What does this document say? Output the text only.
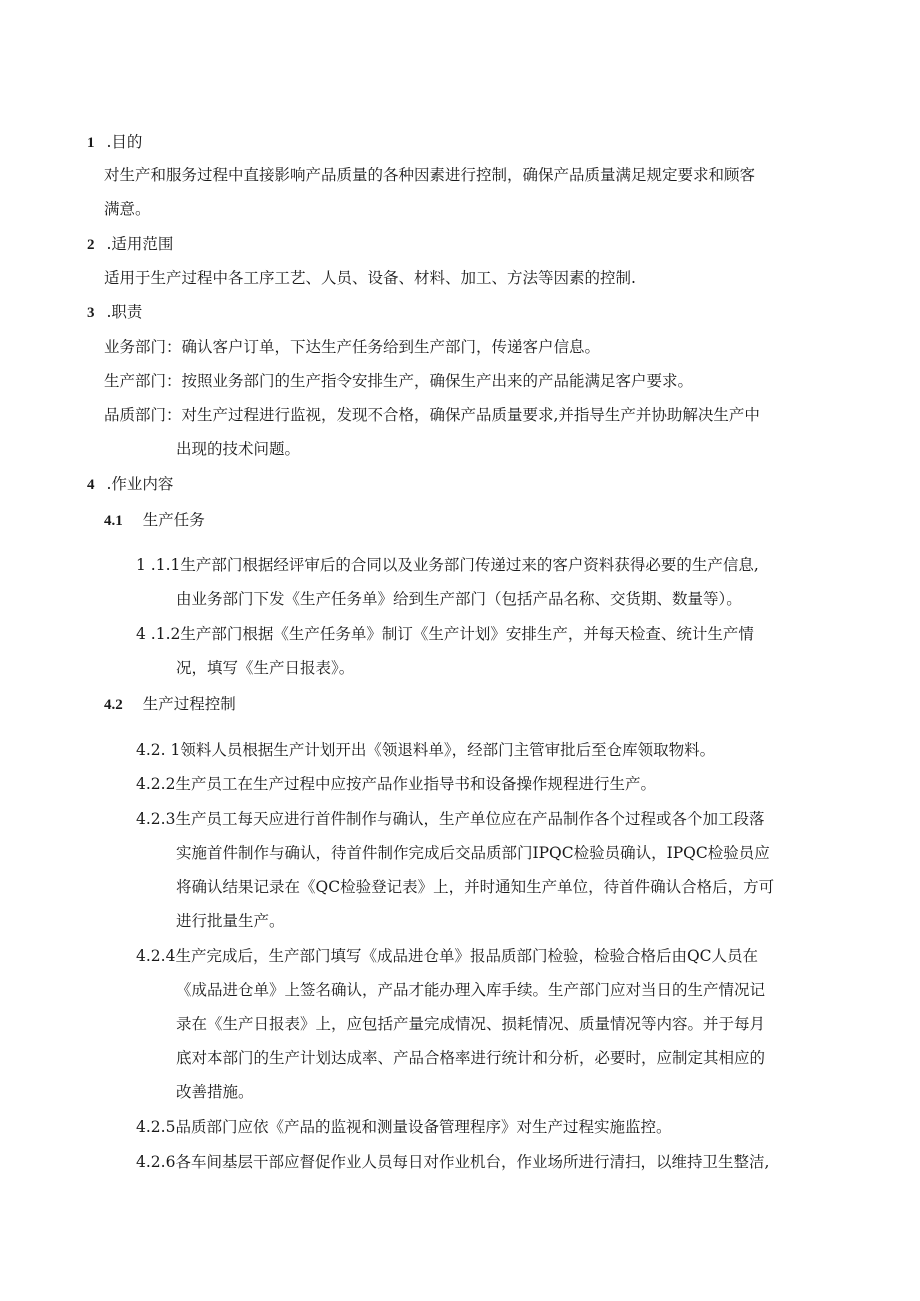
1 .目的
对生产和服务过程中直接影响产品质量的各种因素进行控制，确保产品质量满足规定要求和顾客
满意。
2 .适用范围
适用于生产过程中各工序工艺、人员、设备、材料、加工、方法等因素的控制.
3 .职责
业务部门：确认客户订单，下达生产任务给到生产部门，传递客户信息。
生产部门：按照业务部门的生产指令安排生产，确保生产出来的产品能满足客户要求。
品质部门：对生产过程进行监视，发现不合格，确保产品质量要求,并指导生产并协助解决生产中
出现的技术问题。
4 .作业内容
4.1 生产任务
1 .1.1生产部门根据经评审后的合同以及业务部门传递过来的客户资料获得必要的生产信息,
由业务部门下发《生产任务单》给到生产部门（包括产品名称、交货期、数量等）。
4 .1.2生产部门根据《生产任务单》制订《生产计划》安排生产，并每天检查、统计生产情
况，填写《生产日报表》。
4.2 生产过程控制
4.2. 1领料人员根据生产计划开出《领退料单》，经部门主管审批后至仓库领取物料。
4.2.2生产员工在生产过程中应按产品作业指导书和设备操作规程进行生产。
4.2.3生产员工每天应进行首件制作与确认，生产单位应在产品制作各个过程或各个加工段落
实施首件制作与确认，待首件制作完成后交品质部门IPQC检验员确认，IPQC检验员应
将确认结果记录在《QC检验登记表》上，并时通知生产单位，待首件确认合格后，方可
进行批量生产。
4.2.4生产完成后，生产部门填写《成品进仓单》报品质部门检验，检验合格后由QC人员在
《成品进仓单》上签名确认，产品才能办理入库手续。生产部门应对当日的生产情况记
录在《生产日报表》上，应包括产量完成情况、损耗情况、质量情况等内容。并于每月
底对本部门的生产计划达成率、产品合格率进行统计和分析，必要时，应制定其相应的
改善措施。
4.2.5品质部门应依《产品的监视和测量设备管理程序》对生产过程实施监控。
4.2.6各车间基层干部应督促作业人员每日对作业机台，作业场所进行清扫，以维持卫生整洁,
